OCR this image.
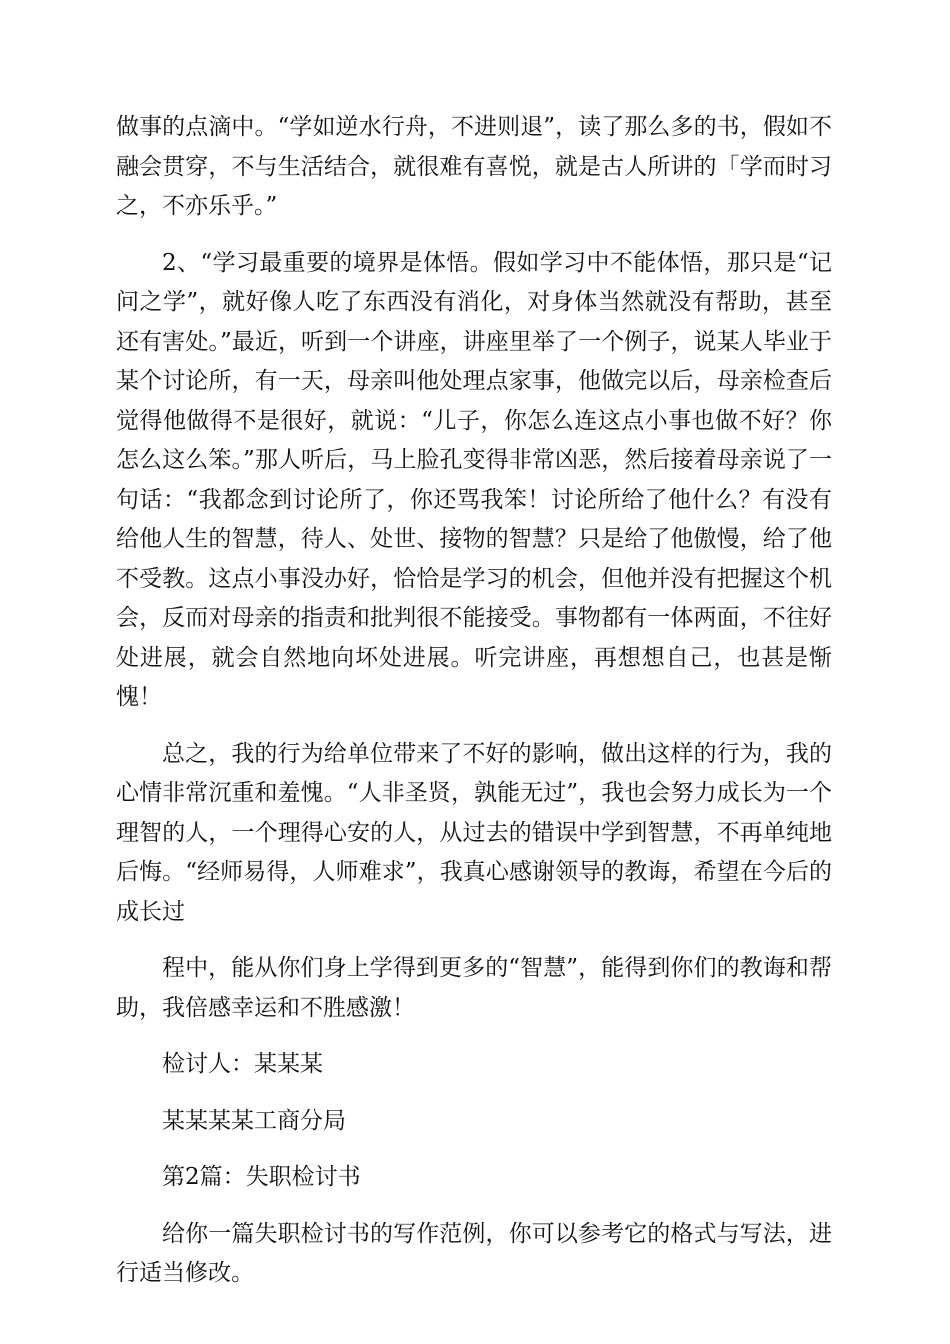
做事的点滴中。“学如逆水行舟，不进则退”，读了那么多的书，假如不融会贯穿，不与生活结合，就很难有喜悦，就是古人所讲的「学而时习之，不亦乐乎。”

2、“学习最重要的境界是体悟。假如学习中不能体悟，那只是“记问之学”，就好像人吃了东西没有消化，对身体当然就没有帮助，甚至还有害处。”最近，听到一个讲座，讲座里举了一个例子，说某人毕业于某个讨论所，有一天，母亲叫他处理点家事，他做完以后，母亲检查后觉得他做得不是很好，就说：“儿子，你怎么连这点小事也做不好？你怎么这么笨。”那人听后，马上脸孔变得非常凶恶，然后接着母亲说了一句话：“我都念到讨论所了，你还骂我笨！讨论所给了他什么？有没有给他人生的智慧，待人、处世、接物的智慧？只是给了他傲慢，给了他不受教。这点小事没办好，恰恰是学习的机会，但他并没有把握这个机会，反而对母亲的指责和批判很不能接受。事物都有一体两面，不往好处进展，就会自然地向坏处进展。听完讲座，再想想自己，也甚是惭愧！

总之，我的行为给单位带来了不好的影响，做出这样的行为，我的心情非常沉重和羞愧。“人非圣贤，孰能无过”，我也会努力成长为一个理智的人，一个理得心安的人，从过去的错误中学到智慧，不再单纯地后悔。“经师易得，人师难求”，我真心感谢领导的教诲，希望在今后的成长过

程中，能从你们身上学得到更多的“智慧”，能得到你们的教诲和帮助，我倍感幸运和不胜感激！

检讨人：某某某

某某某某工商分局

第2篇：失职检讨书

给你一篇失职检讨书的写作范例，你可以参考它的格式与写法，进行适当修改。
